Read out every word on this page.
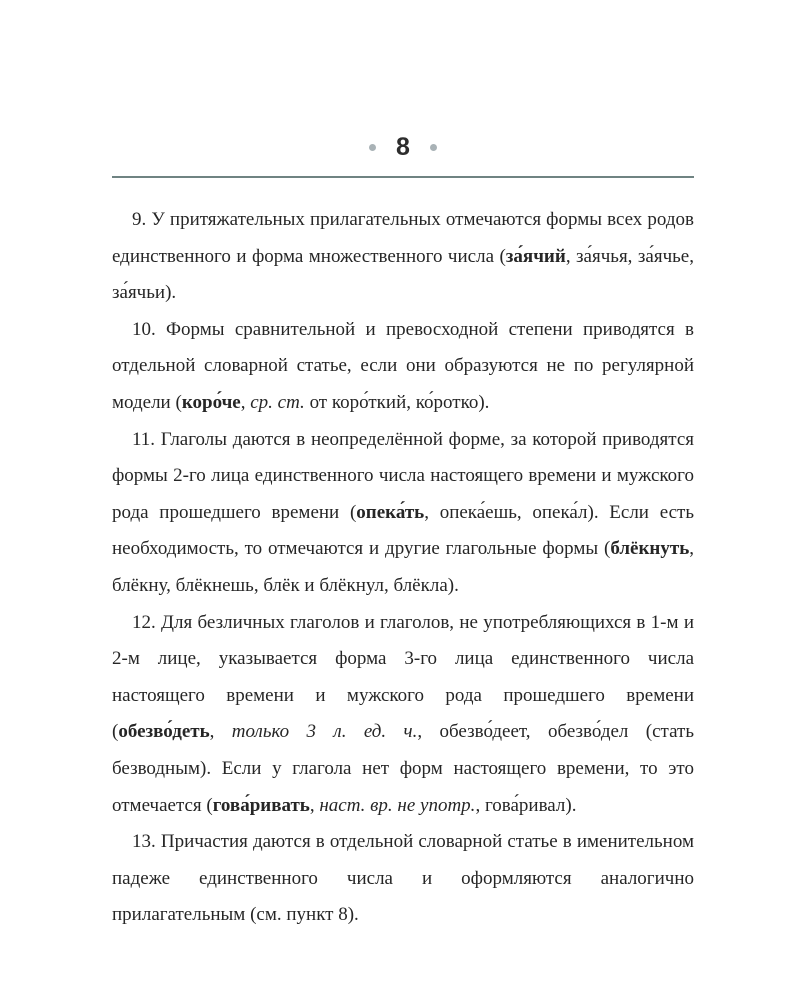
8

9. У притяжательных прилагательных отмечаются формы всех родов единственного и форма множественного числа (за́ячий, за́ячья, за́ячье, за́ячьи).

10. Формы сравнительной и превосходной степени приводятся в отдельной словарной статье, если они образуются не по регулярной модели (коро́че, ср. ст. от коро́ткий, ко́ротко).

11. Глаголы даются в неопределённой форме, за которой приводятся формы 2-го лица единственного числа настоящего времени и мужского рода прошедшего времени (опека́ть, опека́ешь, опека́л). Если есть необходимость, то отмечаются и другие глагольные формы (блёкнуть, блёкну, блёкнешь, блёк и блёкнул, блёкла).

12. Для безличных глаголов и глаголов, не употребляющихся в 1-м и 2-м лице, указывается форма 3-го лица единственного числа настоящего времени и мужского рода прошедшего времени (обезво́деть, только 3 л. ед. ч., обезво́деет, обезво́дел (стать безводным). Если у глагола нет форм настоящего времени, то это отмечается (гова́ривать, наст. вр. не употр., гова́ривал).

13. Причастия даются в отдельной словарной статье в именительном падеже единственного числа и оформляются аналогично прилагательным (см. пункт 8).
